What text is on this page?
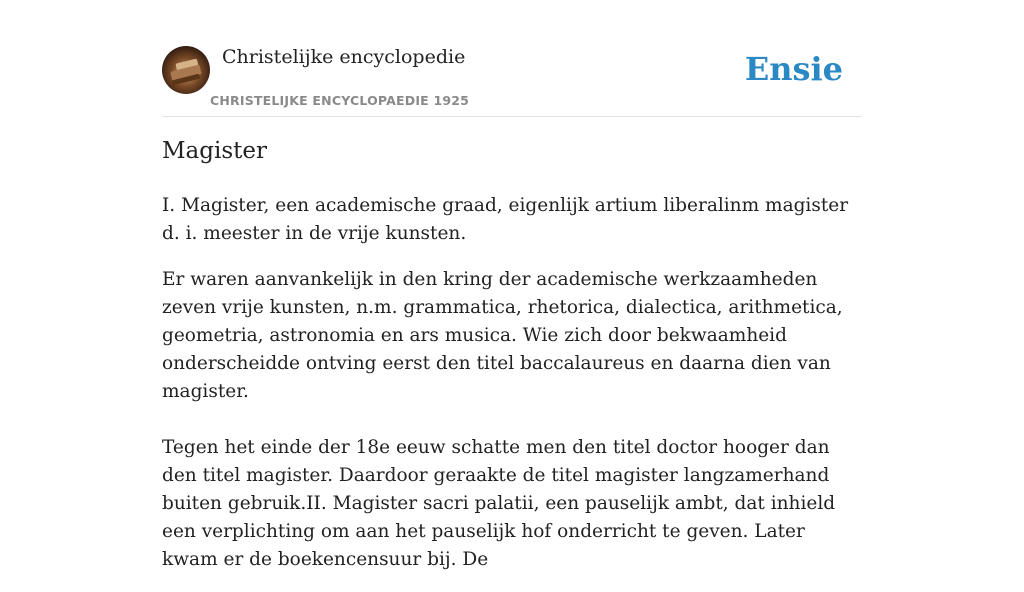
Christelijke encyclopedie
CHRISTELIJKE ENCYCLOPAEDIE 1925
Ensie
Magister

I. Magister, een academische graad, eigenlijk artium liberalinm magister d. i. meester in de vrije kunsten.

Er waren aanvankelijk in den kring der academische werkzaamheden zeven vrije kunsten, n.m. grammatica, rhetorica, dialectica, arithmetica, geometria, astronomia en ars musica. Wie zich door bekwaamheid onderscheidde ontving eerst den titel baccalaureus en daarna dien van magister.

Tegen het einde der 18e eeuw schatte men den titel doctor hooger dan den titel magister. Daardoor geraakte de titel magister langzamerhand buiten gebruik.II. Magister sacri palatii, een pauselijk ambt, dat inhield een verplichting om aan het pauselijk hof onderricht te geven. Later kwam er de boekencensuur bij. De
